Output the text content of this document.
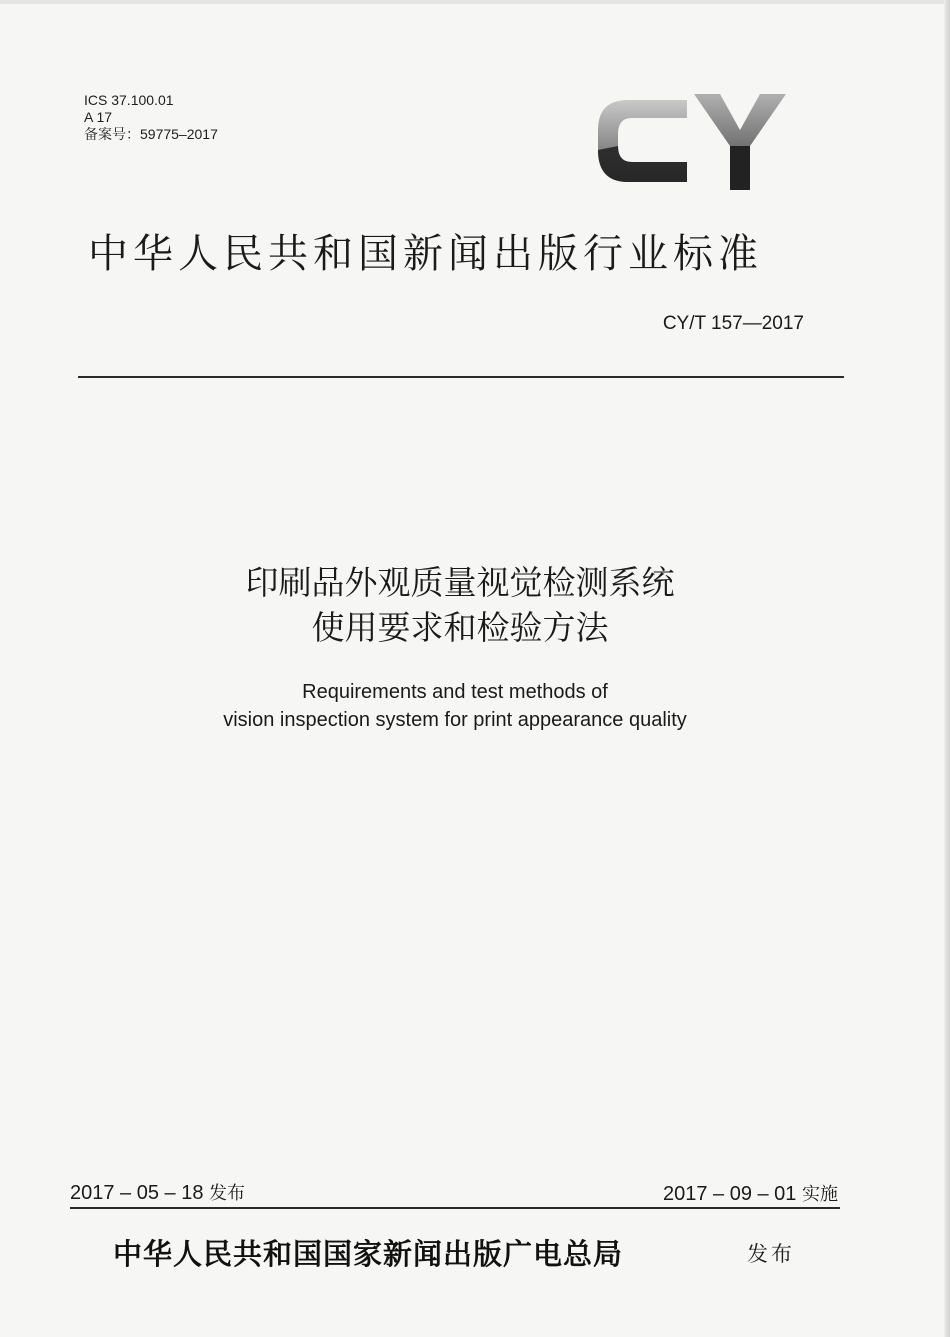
ICS 37.100.01
A 17
备案号：59775–2017
中华人民共和国新闻出版行业标准
CY/T 157—2017
印刷品外观质量视觉检测系统
使用要求和检验方法
Requirements and test methods of
vision inspection system for print appearance quality
2017 – 05 – 18 发布	2017 – 09 – 01 实施
中华人民共和国国家新闻出版广电总局	发布
